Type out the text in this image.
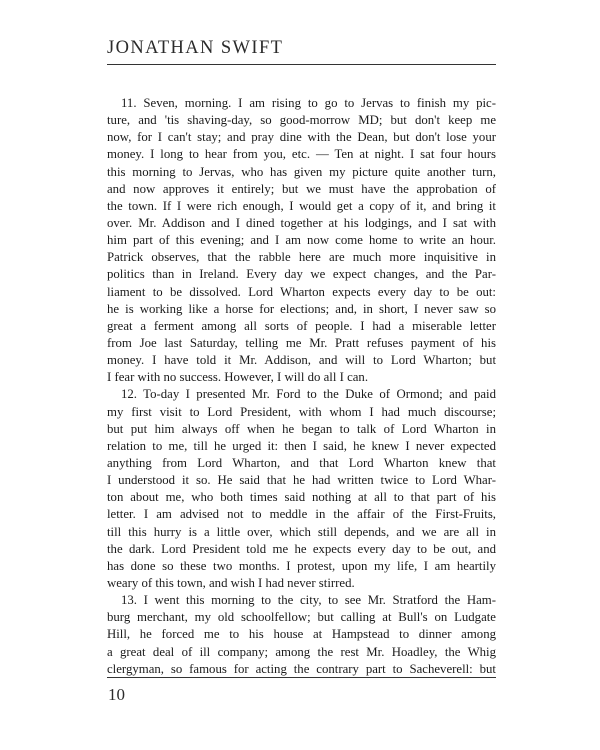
JONATHAN SWIFT
11. Seven, morning. I am rising to go to Jervas to finish my pic-
ture, and 'tis shaving-day, so good-morrow MD; but don't keep me
now, for I can't stay; and pray dine with the Dean, but don't lose your
money. I long to hear from you, etc. — Ten at night. I sat four hours
this morning to Jervas, who has given my picture quite another turn,
and now approves it entirely; but we must have the approbation of
the town. If I were rich enough, I would get a copy of it, and bring it
over. Mr. Addison and I dined together at his lodgings, and I sat with
him part of this evening; and I am now come home to write an hour.
Patrick observes, that the rabble here are much more inquisitive in
politics than in Ireland. Every day we expect changes, and the Par-
liament to be dissolved. Lord Wharton expects every day to be out:
he is working like a horse for elections; and, in short, I never saw so
great a ferment among all sorts of people. I had a miserable letter
from Joe last Saturday, telling me Mr. Pratt refuses payment of his
money. I have told it Mr. Addison, and will to Lord Wharton; but
I fear with no success. However, I will do all I can.
12. To-day I presented Mr. Ford to the Duke of Ormond; and paid
my first visit to Lord President, with whom I had much discourse;
but put him always off when he began to talk of Lord Wharton in
relation to me, till he urged it: then I said, he knew I never expected
anything from Lord Wharton, and that Lord Wharton knew that
I understood it so. He said that he had written twice to Lord Whar-
ton about me, who both times said nothing at all to that part of his
letter. I am advised not to meddle in the affair of the First-Fruits,
till this hurry is a little over, which still depends, and we are all in
the dark. Lord President told me he expects every day to be out, and
has done so these two months. I protest, upon my life, I am heartily
weary of this town, and wish I had never stirred.
13. I went this morning to the city, to see Mr. Stratford the Ham-
burg merchant, my old schoolfellow; but calling at Bull's on Ludgate
Hill, he forced me to his house at Hampstead to dinner among
a great deal of ill company; among the rest Mr. Hoadley, the Whig
clergyman, so famous for acting the contrary part to Sacheverell: but
10
